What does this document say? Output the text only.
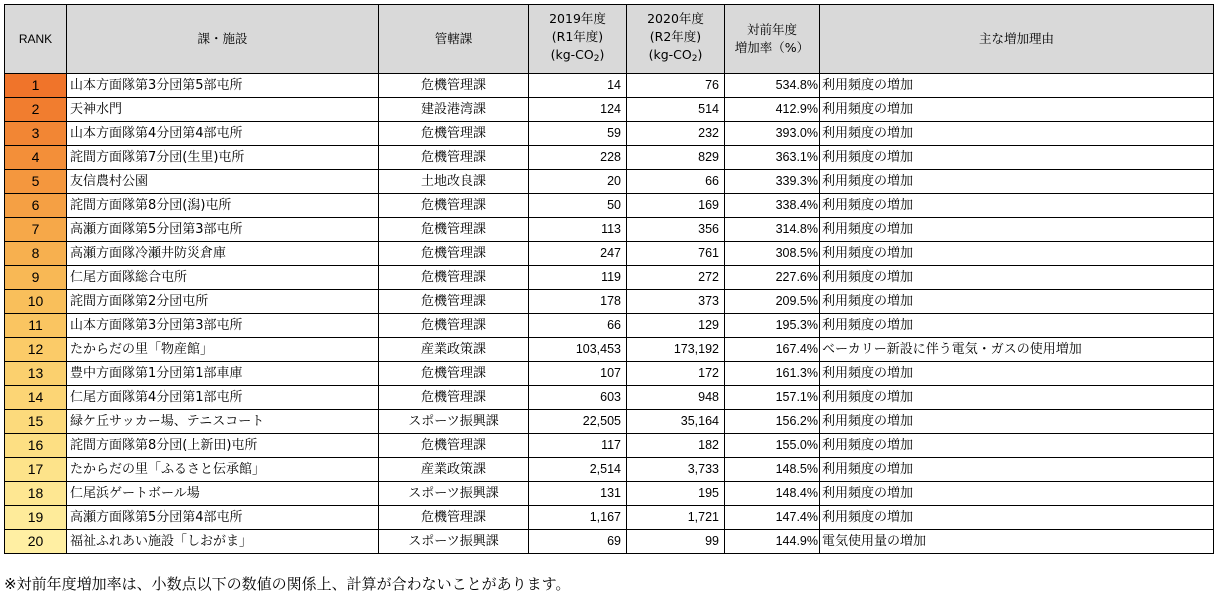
RANK	課・施設	管轄課	2019年度
(R1年度)
$(kg-CO_2)$	2020年度
(R2年度)
$(kg-CO_2)$	対前年度
増加率（%）	主な増加理由
1	山本方面隊第3分団第5部屯所	危機管理課	14	76	534.8%	利用頻度の増加
2	天神水門	建設港湾課	124	514	412.9%	利用頻度の増加
3	山本方面隊第4分団第4部屯所	危機管理課	59	232	393.0%	利用頻度の増加
4	詫間方面隊第7分団(生里)屯所	危機管理課	228	829	363.1%	利用頻度の増加
5	友信農村公園	土地改良課	20	66	339.3%	利用頻度の増加
6	詫間方面隊第8分団(潟)屯所	危機管理課	50	169	338.4%	利用頻度の増加
7	高瀬方面隊第5分団第3部屯所	危機管理課	113	356	314.8%	利用頻度の増加
8	高瀬方面隊冷瀬井防災倉庫	危機管理課	247	761	308.5%	利用頻度の増加
9	仁尾方面隊総合屯所	危機管理課	119	272	227.6%	利用頻度の増加
10	詫間方面隊第2分団屯所	危機管理課	178	373	209.5%	利用頻度の増加
11	山本方面隊第3分団第3部屯所	危機管理課	66	129	195.3%	利用頻度の増加
12	たからだの里「物産館」	産業政策課	103,453	173,192	167.4%	ベーカリー新設に伴う電気・ガスの使用増加
13	豊中方面隊第1分団第1部車庫	危機管理課	107	172	161.3%	利用頻度の増加
14	仁尾方面隊第4分団第1部屯所	危機管理課	603	948	157.1%	利用頻度の増加
15	緑ケ丘サッカー場、テニスコート	スポーツ振興課	22,505	35,164	156.2%	利用頻度の増加
16	詫間方面隊第8分団(上新田)屯所	危機管理課	117	182	155.0%	利用頻度の増加
17	たからだの里「ふるさと伝承館」	産業政策課	2,514	3,733	148.5%	利用頻度の増加
18	仁尾浜ゲートボール場	スポーツ振興課	131	195	148.4%	利用頻度の増加
19	高瀬方面隊第5分団第4部屯所	危機管理課	1,167	1,721	147.4%	利用頻度の増加
20	福祉ふれあい施設「しおがま」	スポーツ振興課	69	99	144.9%	電気使用量の増加
※対前年度増加率は、小数点以下の数値の関係上、計算が合わないことがあります。
